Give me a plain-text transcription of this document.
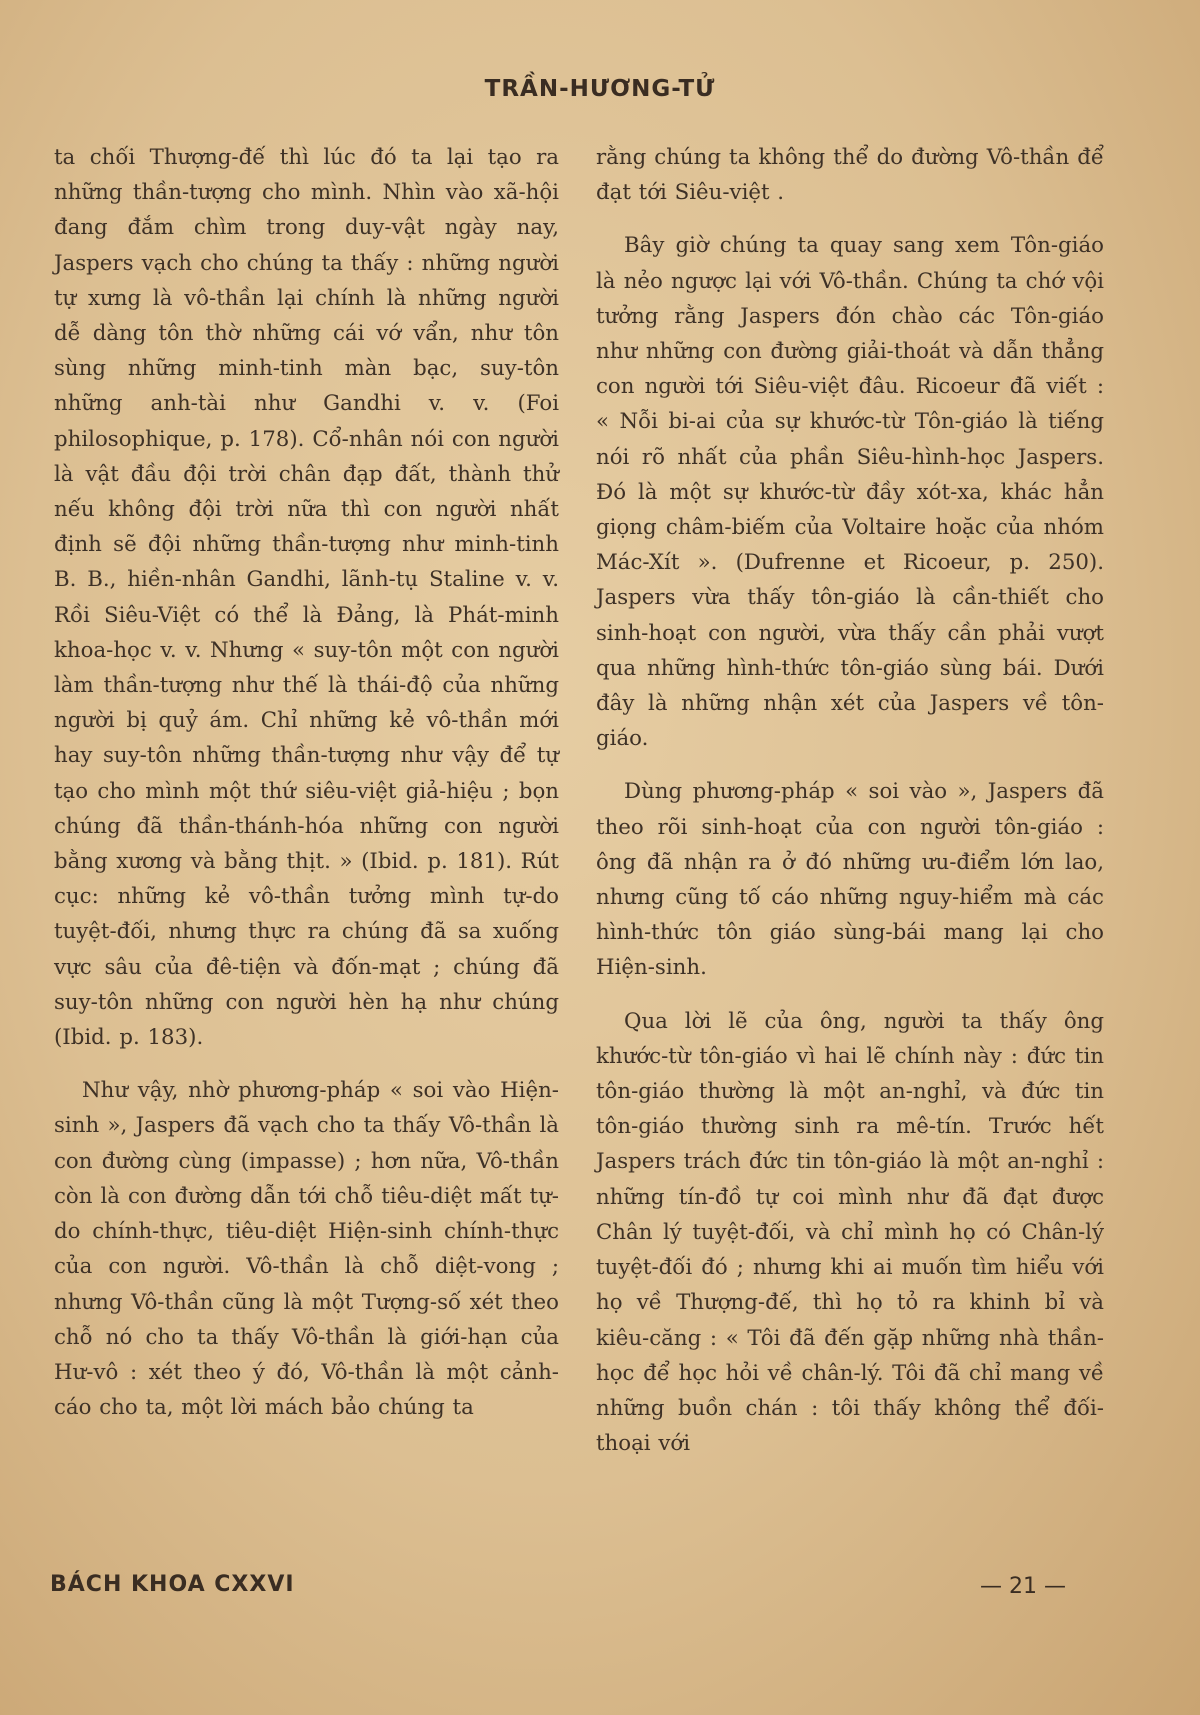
TRẦN-HƯƠNG-TỬ

ta chối Thượng-đế thì lúc đó ta lại tạo ra những thần-tượng cho mình. Nhìn vào xã-hội đang đắm chìm trong duy-vật ngày nay, Jaspers vạch cho chúng ta thấy : những người tự xưng là vô-thần lại chính là những người dễ dàng tôn thờ những cái vớ vẩn, như tôn sùng những minh-tinh màn bạc, suy-tôn những anh-tài như Gandhi v. v. (Foi philosophique, p. 178). Cổ-nhân nói con người là vật đầu đội trời chân đạp đất, thành thử nếu không đội trời nữa thì con người nhất định sẽ đội những thần-tượng như minh-tinh B. B., hiền-nhân Gandhi, lãnh-tụ Staline v. v. Rồi Siêu-Việt có thể là Đảng, là Phát-minh khoa-học v. v. Nhưng « suy-tôn một con người làm thần-tượng như thế là thái-độ của những người bị quỷ ám. Chỉ những kẻ vô-thần mới hay suy-tôn những thần-tượng như vậy để tự tạo cho mình một thứ siêu-việt giả-hiệu ; bọn chúng đã thần-thánh-hóa những con người bằng xương và bằng thịt. » (Ibid. p. 181). Rút cục: những kẻ vô-thần tưởng mình tự-do tuyệt-đối, nhưng thực ra chúng đã sa xuống vực sâu của đê-tiện và đốn-mạt ; chúng đã suy-tôn những con người hèn hạ như chúng (Ibid. p. 183).

Như vậy, nhờ phương-pháp « soi vào Hiện-sinh », Jaspers đã vạch cho ta thấy Vô-thần là con đường cùng (impasse) ; hơn nữa, Vô-thần còn là con đường dẫn tới chỗ tiêu-diệt mất tự-do chính-thực, tiêu-diệt Hiện-sinh chính-thực của con người. Vô-thần là chỗ diệt-vong ; nhưng Vô-thần cũng là một Tượng-số xét theo chỗ nó cho ta thấy Vô-thần là giới-hạn của Hư-vô : xét theo ý đó, Vô-thần là một cảnh-cáo cho ta, một lời mách bảo chúng ta

rằng chúng ta không thể do đường Vô-thần để đạt tới Siêu-việt .

Bây giờ chúng ta quay sang xem Tôn-giáo là nẻo ngược lại với Vô-thần. Chúng ta chớ vội tưởng rằng Jaspers đón chào các Tôn-giáo như những con đường giải-thoát và dẫn thẳng con người tới Siêu-việt đâu. Ricoeur đã viết : « Nỗi bi-ai của sự khước-từ Tôn-giáo là tiếng nói rõ nhất của phần Siêu-hình-học Jaspers. Đó là một sự khước-từ đầy xót-xa, khác hẳn giọng châm-biếm của Voltaire hoặc của nhóm Mác-Xít ». (Dufrenne et Ricoeur, p. 250). Jaspers vừa thấy tôn-giáo là cần-thiết cho sinh-hoạt con người, vừa thấy cần phải vượt qua những hình-thức tôn-giáo sùng bái. Dưới đây là những nhận xét của Jaspers về tôn-giáo.

Dùng phương-pháp « soi vào », Jaspers đã theo rõi sinh-hoạt của con người tôn-giáo : ông đã nhận ra ở đó những ưu-điểm lớn lao, nhưng cũng tố cáo những nguy-hiểm mà các hình-thức tôn giáo sùng-bái mang lại cho Hiện-sinh.

Qua lời lẽ của ông, người ta thấy ông khước-từ tôn-giáo vì hai lẽ chính này : đức tin tôn-giáo thường là một an-nghỉ, và đức tin tôn-giáo thường sinh ra mê-tín. Trước hết Jaspers trách đức tin tôn-giáo là một an-nghỉ : những tín-đồ tự coi mình như đã đạt được Chân lý tuyệt-đối, và chỉ mình họ có Chân-lý tuyệt-đối đó ; nhưng khi ai muốn tìm hiểu với họ về Thượng-đế, thì họ tỏ ra khinh bỉ và kiêu-căng : « Tôi đã đến gặp những nhà thần-học để học hỏi về chân-lý. Tôi đã chỉ mang về những buồn chán : tôi thấy không thể đối-thoại với

BÁCH KHOA CXXVI	— 21 —
